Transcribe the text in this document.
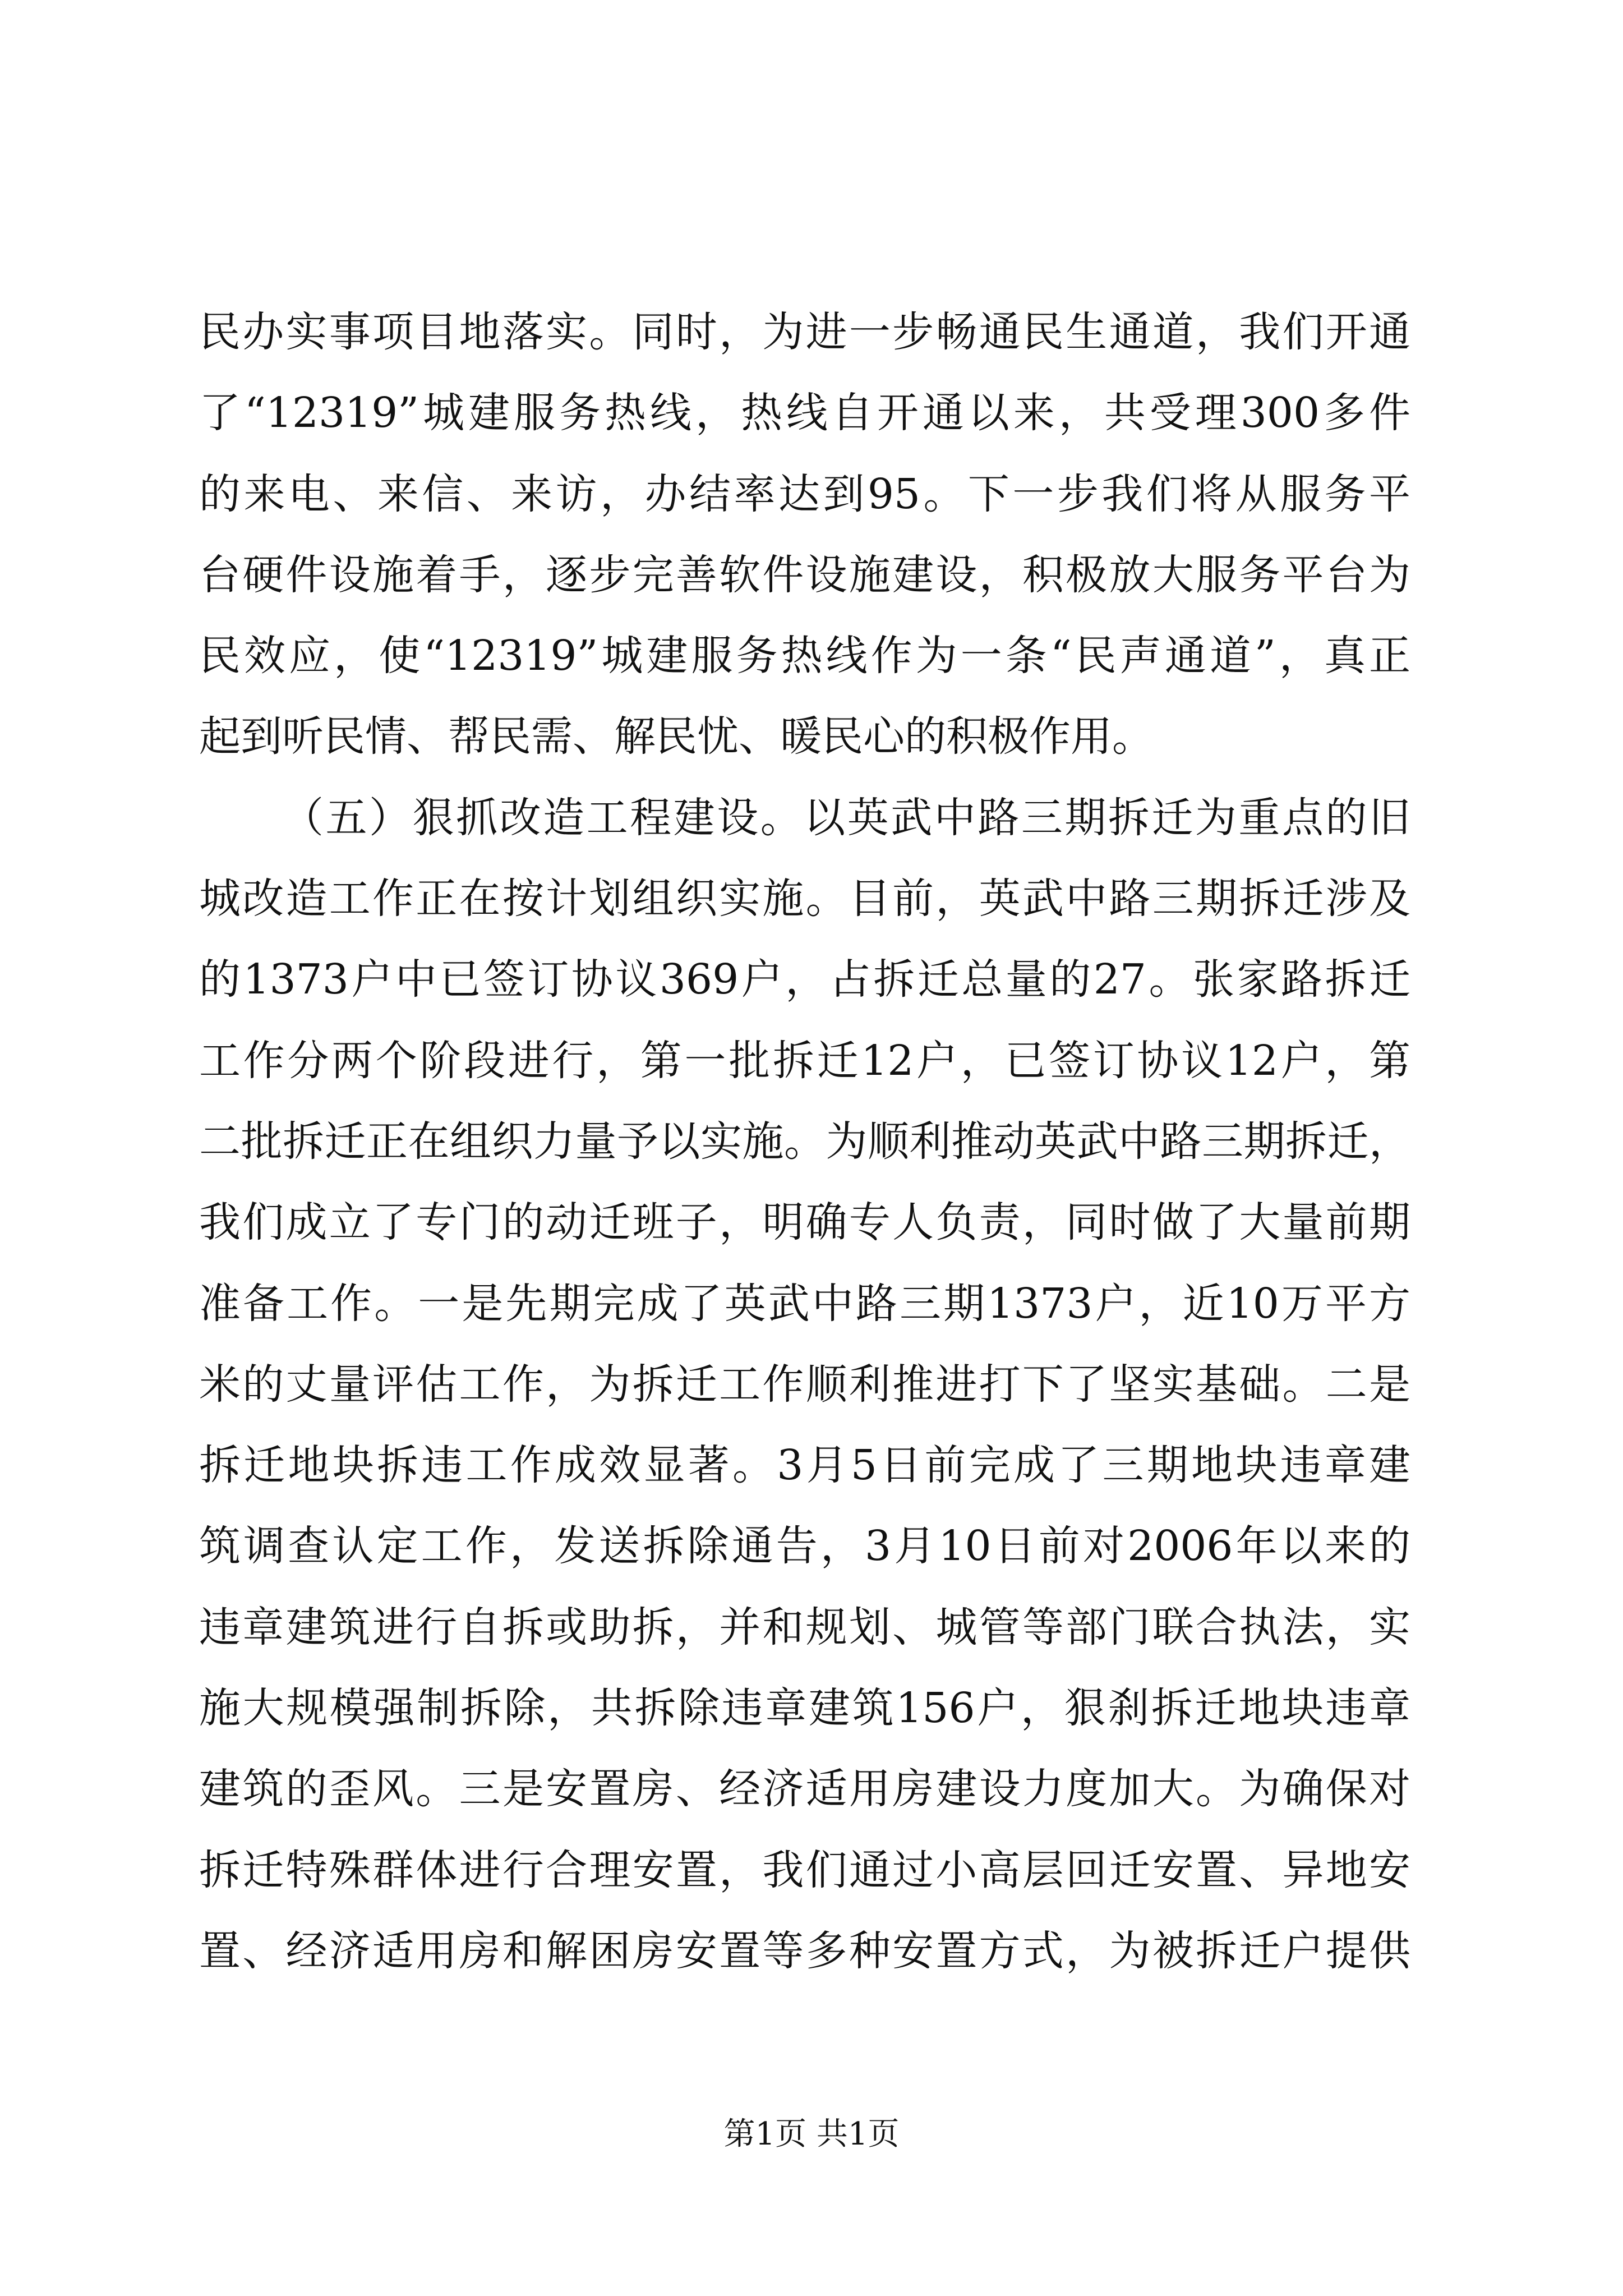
民办实事项目地落实。同时，为进一步畅通民生通道，我们开通
了“12319”城建服务热线，热线自开通以来，共受理300多件
的来电、来信、来访，办结率达到95。下一步我们将从服务平
台硬件设施着手，逐步完善软件设施建设，积极放大服务平台为
民效应，使“12319”城建服务热线作为一条“民声通道”，真正
起到听民情、帮民需、解民忧、暖民心的积极作用。
（五）狠抓改造工程建设。以英武中路三期拆迁为重点的旧
城改造工作正在按计划组织实施。目前，英武中路三期拆迁涉及
的1373户中已签订协议369户，占拆迁总量的27。张家路拆迁
工作分两个阶段进行，第一批拆迁12户，已签订协议12户，第
二批拆迁正在组织力量予以实施。为顺利推动英武中路三期拆迁，
我们成立了专门的动迁班子，明确专人负责，同时做了大量前期
准备工作。一是先期完成了英武中路三期1373户，近10万平方
米的丈量评估工作，为拆迁工作顺利推进打下了坚实基础。二是
拆迁地块拆违工作成效显著。3月5日前完成了三期地块违章建
筑调查认定工作，发送拆除通告，3月10日前对2006年以来的
违章建筑进行自拆或助拆，并和规划、城管等部门联合执法，实
施大规模强制拆除，共拆除违章建筑156户，狠刹拆迁地块违章
建筑的歪风。三是安置房、经济适用房建设力度加大。为确保对
拆迁特殊群体进行合理安置，我们通过小高层回迁安置、异地安
置、经济适用房和解困房安置等多种安置方式，为被拆迁户提供
第1页 共1页
